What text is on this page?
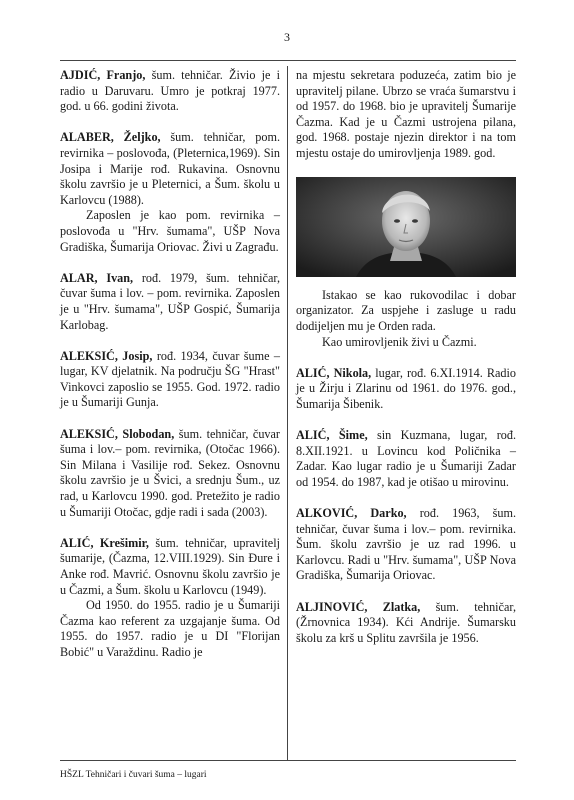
3

AJDIĆ, Franjo, šum. tehničar. Živio je i radio u Daruvaru. Umro je potkraj 1977. god. u 66. godini života.

ALABER, Željko, šum. tehničar, pom. revirnika – poslovođa, (Pleternica,1969). Sin Josipa i Marije rođ. Rukavina. Osnovnu školu završio je u Pleternici, a Šum. školu u Karlovcu (1988).

Zaposlen je kao pom. revirnika – poslovođa u "Hrv. šumama", UŠP Nova Gradiška, Šumarija Oriovac. Živi u Zagrađu.

ALAR, Ivan, rođ. 1979, šum. tehničar, čuvar šuma i lov. – pom. revirnika. Zaposlen je u "Hrv. šumama", UŠP Gospić, Šumarija Karlobag.

ALEKSIĆ, Josip, rođ. 1934, čuvar šume – lugar, KV djelatnik. Na području ŠG "Hrast" Vinkovci zaposlio se 1955. God. 1972. radio je u Šumariji Gunja.

ALEKSIĆ, Slobodan, šum. tehničar, čuvar šuma i lov.– pom. revirnika, (Otočac 1966). Sin Milana i Vasilije rođ. Sekez. Osnovnu školu završio je u Švici, a srednju Šum., uz rad, u Karlovcu 1990. god. Pretežito je radio u Šumariji Otočac, gdje radi i sada (2003).

ALIĆ, Krešimir, šum. tehničar, upravitelj šumarije, (Čazma, 12.VIII.1929). Sin Đure i Anke rođ. Mavrić. Osnovnu školu završio je u Čazmi, a Šum. školu u Karlovcu (1949).

Od 1950. do 1955. radio je u Šumariji Čazma kao referent za uzgajanje šuma. Od 1955. do 1957. radio je u DI "Florijan Bobić" u Varaždinu. Radio je

na mjestu sekretara poduzeća, zatim bio je upravitelj pilane. Ubrzo se vraća šumarstvu i od 1957. do 1968. bio je upravitelj Šumarije Čazma. Kad je u Čazmi ustrojena pilana, god. 1968. postaje njezin direktor i na tom mjestu ostaje do umirovljenja 1989. god.

Istakao se kao rukovodilac i dobar organizator. Za uspjehe i zasluge u radu dodijeljen mu je Orden rada.

Kao umirovljenik živi u Čazmi.

ALIĆ, Nikola, lugar, rođ. 6.XI.1914. Radio je u Žirju i Zlarinu od 1961. do 1976. god., Šumarija Šibenik.

ALIĆ, Šime, sin Kuzmana, lugar, rođ. 8.XII.1921. u Lovincu kod Poličnika – Zadar. Kao lugar radio je u Šumariji Zadar od 1954. do 1987, kad je otišao u mirovinu.

ALKOVIĆ, Darko, rođ. 1963, šum. tehničar, čuvar šuma i lov.– pom. revirnika. Šum. školu završio je uz rad 1996. u Karlovcu. Radi u "Hrv. šumama", UŠP Nova Gradiška, Šumarija Oriovac.

ALJINOVIĆ, Zlatka, šum. tehničar, (Žrnovnica 1934). Kći Andrije. Šumarsku školu za krš u Splitu završila je 1956.

HŠZL Tehničari i čuvari šuma – lugari
